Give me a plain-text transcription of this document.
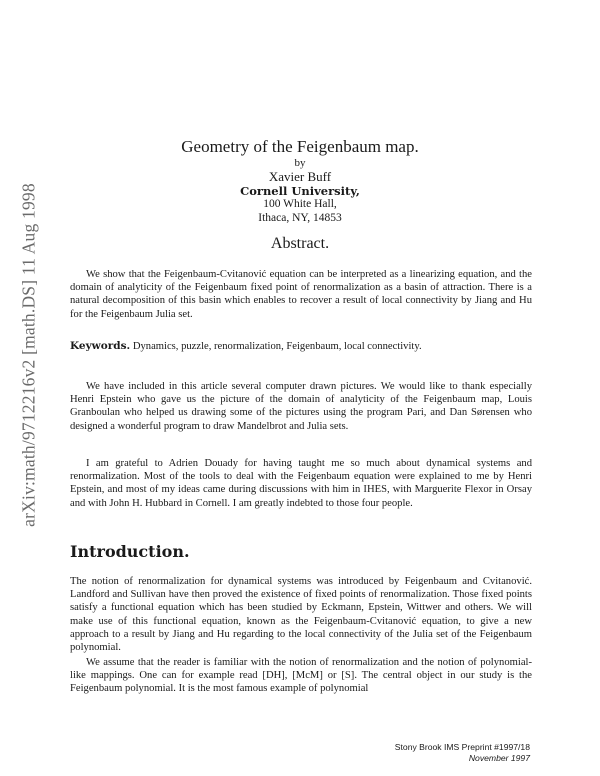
arXiv:math/9712216v2 [math.DS] 11 Aug 1998
Geometry of the Feigenbaum map.
by
Xavier Buff
Cornell University,
100 White Hall,
Ithaca, NY, 14853
Abstract.

We show that the Feigenbaum-Cvitanović equation can be interpreted as a linearizing equation, and the domain of analyticity of the Feigenbaum fixed point of renormalization as a basin of attraction. There is a natural decomposition of this basin which enables to recover a result of local connectivity by Jiang and Hu for the Feigenbaum Julia set.

Keywords. Dynamics, puzzle, renormalization, Feigenbaum, local connectivity.

We have included in this article several computer drawn pictures. We would like to thank especially Henri Epstein who gave us the picture of the domain of analyticity of the Feigenbaum map, Louis Granboulan who helped us drawing some of the pictures using the program Pari, and Dan Sørensen who designed a wonderful program to draw Mandelbrot and Julia sets.

I am grateful to Adrien Douady for having taught me so much about dynamical systems and renormalization. Most of the tools to deal with the Feigenbaum equation were explained to me by Henri Epstein, and most of my ideas came during discussions with him in IHES, with Marguerite Flexor in Orsay and with John H. Hubbard in Cornell. I am greatly indebted to those four people.

Introduction.

The notion of renormalization for dynamical systems was introduced by Feigenbaum and Cvitanović. Landford and Sullivan have then proved the existence of fixed points of renormalization. Those fixed points satisfy a functional equation which has been studied by Eckmann, Epstein, Wittwer and others. We will make use of this functional equation, known as the Feigenbaum-Cvitanović equation, to give a new approach to a result by Jiang and Hu regarding to the local connectivity of the Julia set of the Feigenbaum polynomial.

We assume that the reader is familiar with the notion of renormalization and the notion of polynomial-like mappings. One can for example read [DH], [McM] or [S]. The central object in our study is the Feigenbaum polynomial. It is the most famous example of polynomial

Stony Brook IMS Preprint #1997/18
November 1997
